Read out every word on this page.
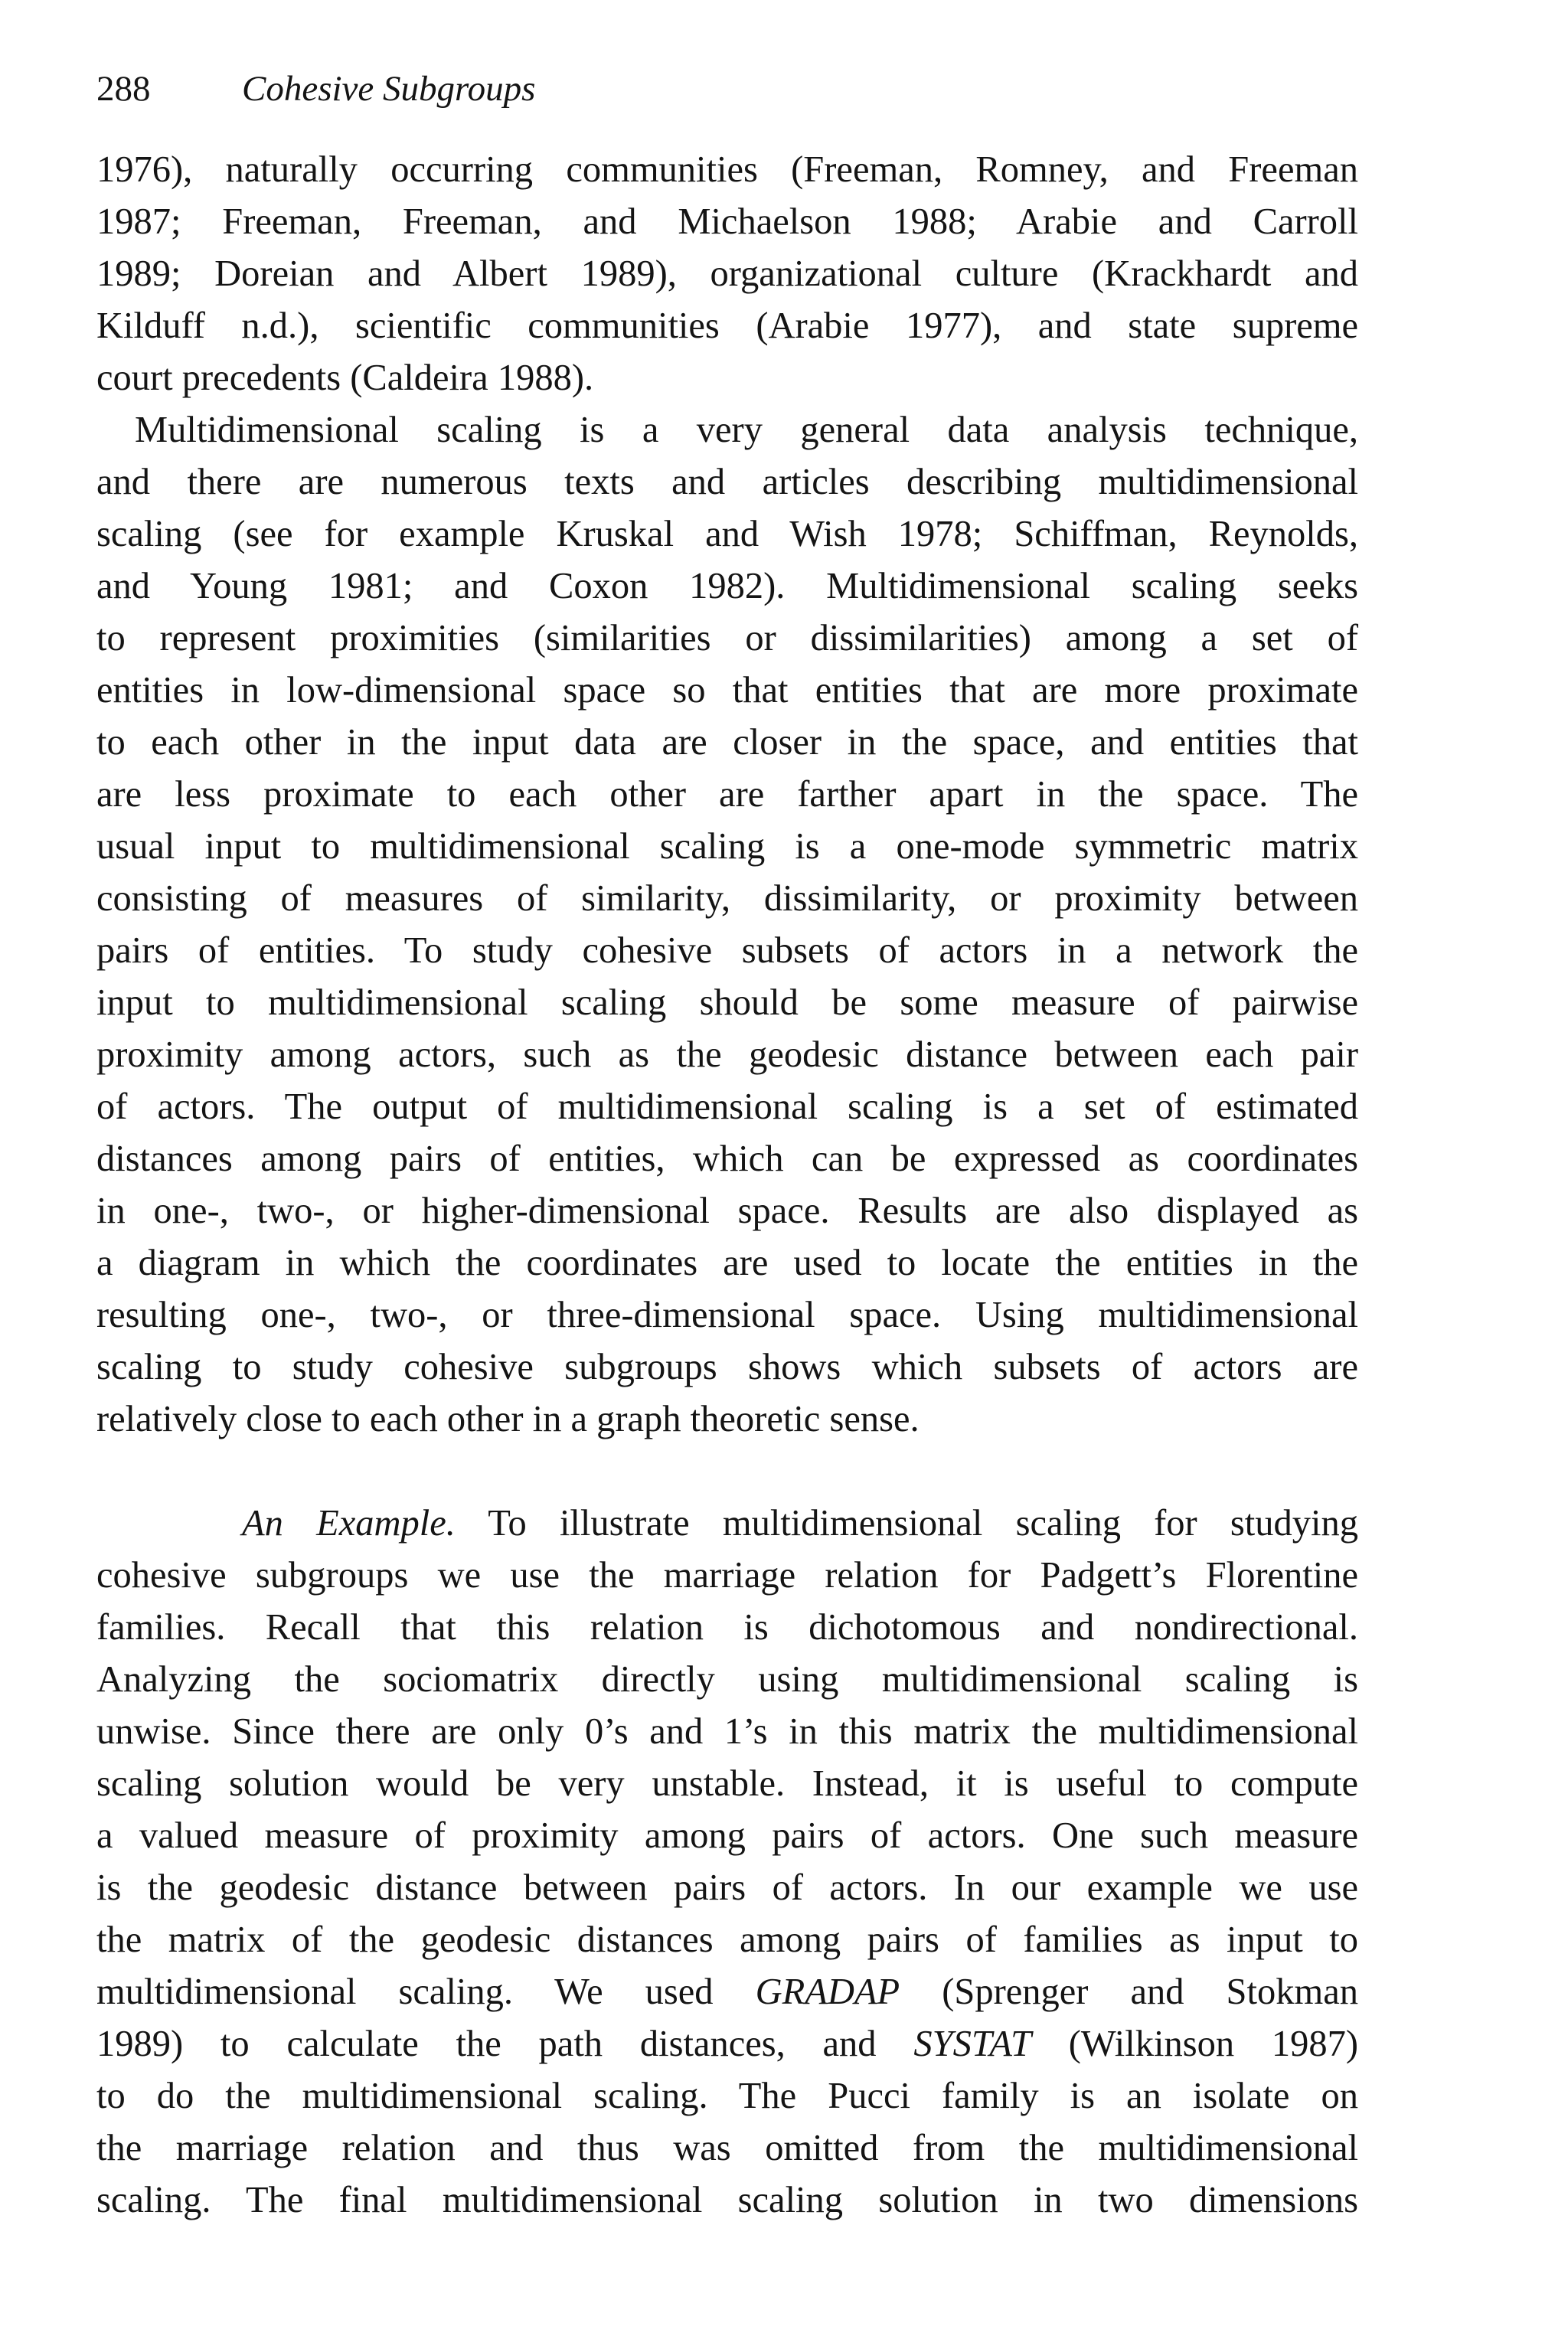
288	Cohesive Subgroups

1976), naturally occurring communities (Freeman, Romney, and Freeman
1987; Freeman, Freeman, and Michaelson 1988; Arabie and Carroll
1989; Doreian and Albert 1989), organizational culture (Krackhardt and
Kilduff n.d.), scientific communities (Arabie 1977), and state supreme
court precedents (Caldeira 1988).

Multidimensional scaling is a very general data analysis technique,
and there are numerous texts and articles describing multidimensional
scaling (see for example Kruskal and Wish 1978; Schiffman, Reynolds,
and Young 1981; and Coxon 1982). Multidimensional scaling seeks
to represent proximities (similarities or dissimilarities) among a set of
entities in low-dimensional space so that entities that are more proximate
to each other in the input data are closer in the space, and entities that
are less proximate to each other are farther apart in the space. The
usual input to multidimensional scaling is a one-mode symmetric matrix
consisting of measures of similarity, dissimilarity, or proximity between
pairs of entities. To study cohesive subsets of actors in a network the
input to multidimensional scaling should be some measure of pairwise
proximity among actors, such as the geodesic distance between each pair
of actors. The output of multidimensional scaling is a set of estimated
distances among pairs of entities, which can be expressed as coordinates
in one-, two-, or higher-dimensional space. Results are also displayed as
a diagram in which the coordinates are used to locate the entities in the
resulting one-, two-, or three-dimensional space. Using multidimensional
scaling to study cohesive subgroups shows which subsets of actors are
relatively close to each other in a graph theoretic sense.

An Example. To illustrate multidimensional scaling for studying
cohesive subgroups we use the marriage relation for Padgett’s Florentine
families. Recall that this relation is dichotomous and nondirectional.
Analyzing the sociomatrix directly using multidimensional scaling is
unwise. Since there are only 0’s and 1’s in this matrix the multidimensional
scaling solution would be very unstable. Instead, it is useful to compute
a valued measure of proximity among pairs of actors. One such measure
is the geodesic distance between pairs of actors. In our example we use
the matrix of the geodesic distances among pairs of families as input to
multidimensional scaling. We used GRADAP (Sprenger and Stokman
1989) to calculate the path distances, and SYSTAT (Wilkinson 1987)
to do the multidimensional scaling. The Pucci family is an isolate on
the marriage relation and thus was omitted from the multidimensional
scaling. The final multidimensional scaling solution in two dimensions
